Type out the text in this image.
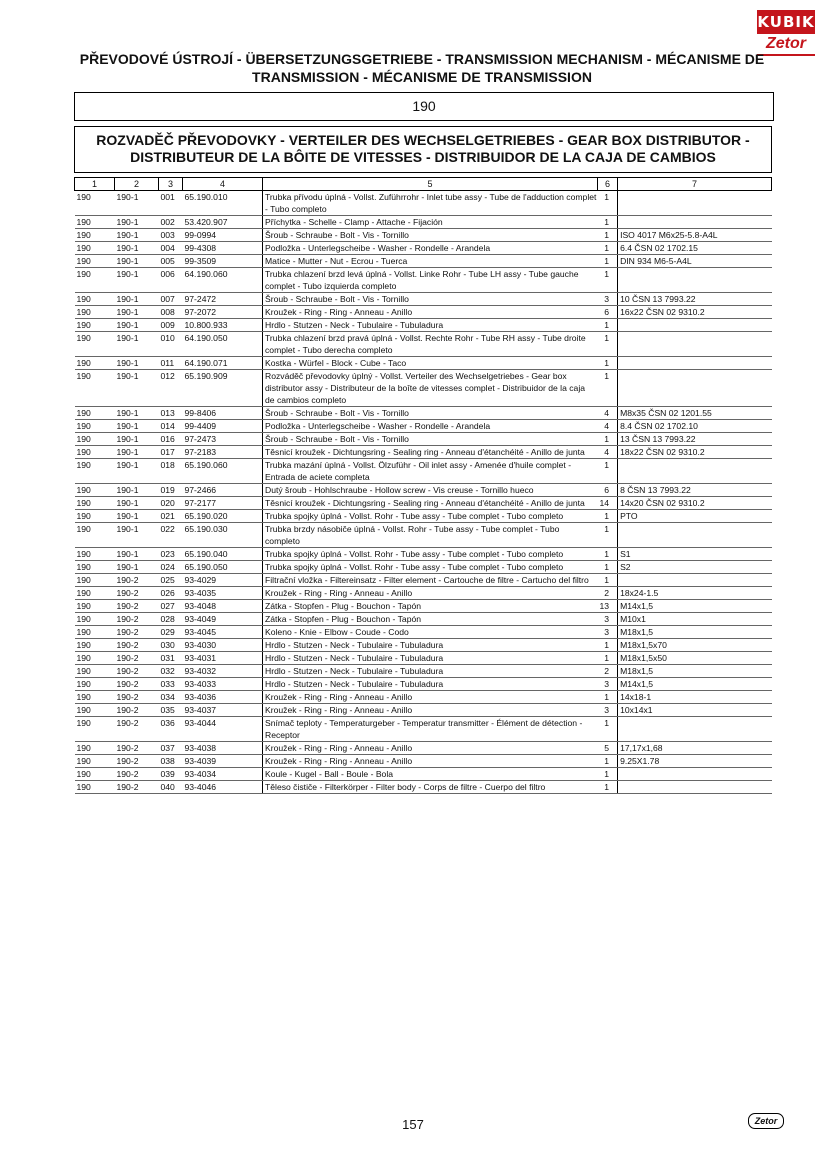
KUBIK
Zetor
PŘEVODOVÉ ÚSTROJÍ - ÜBERSETZUNGSGETRIEBE - TRANSMISSION MECHANISM - MÉCANISME DE
TRANSMISSION - MÉCANISME DE TRANSMISSION
190
ROZVADĚČ PŘEVODOVKY - VERTEILER DES WECHSELGETRIEBES - GEAR BOX DISTRIBUTOR -
DISTRIBUTEUR DE LA BÔITE DE VITESSES - DISTRIBUIDOR DE LA CAJA DE CAMBIOS
1	2	3	4	5	6	7
190	190-1	001	65.190.010	Trubka přívodu úplná - Vollst. Zuführrohr - Inlet tube assy - Tube de l'adduction complet - Tubo completo	1	
190	190-1	002	53.420.907	Příchytka - Schelle - Clamp - Attache - Fijación	1	
190	190-1	003	99-0994	Šroub - Schraube - Bolt - Vis - Tornillo	1	ISO 4017 M6x25-5.8-A4L
190	190-1	004	99-4308	Podložka - Unterlegscheibe - Washer - Rondelle - Arandela	1	6.4 ČSN 02 1702.15
190	190-1	005	99-3509	Matice - Mutter - Nut - Ecrou - Tuerca	1	DIN 934 M6-5-A4L
190	190-1	006	64.190.060	Trubka chlazení brzd levá úplná - Vollst. Linke Rohr - Tube LH assy - Tube gauche complet - Tubo izquierda completo	1	
190	190-1	007	97-2472	Šroub - Schraube - Bolt - Vis - Tornillo	3	10 ČSN 13 7993.22
190	190-1	008	97-2072	Kroužek - Ring - Ring - Anneau - Anillo	6	16x22 ČSN 02 9310.2
190	190-1	009	10.800.933	Hrdlo - Stutzen - Neck - Tubulaire - Tubuladura	1	
190	190-1	010	64.190.050	Trubka chlazení brzd pravá úplná - Vollst. Rechte Rohr - Tube RH assy - Tube droite complet - Tubo derecha completo	1	
190	190-1	011	64.190.071	Kostka - Würfel - Block - Cube - Taco	1	
190	190-1	012	65.190.909	Rozváděč převodovky úplný - Vollst. Verteiler des Wechselgetriebes - Gear box distributor assy - Distributeur de la boîte de vitesses complet - Distribuidor de la caja de cambios completo	1	
190	190-1	013	99-8406	Šroub - Schraube - Bolt - Vis - Tornillo	4	M8x35 ČSN 02 1201.55
190	190-1	014	99-4409	Podložka - Unterlegscheibe - Washer - Rondelle - Arandela	4	8.4 ČSN 02 1702.10
190	190-1	016	97-2473	Šroub - Schraube - Bolt - Vis - Tornillo	1	13 ČSN 13 7993.22
190	190-1	017	97-2183	Těsnicí kroužek - Dichtungsring - Sealing ring - Anneau d'étanchéité - Anillo de junta	4	18x22 ČSN 02 9310.2
190	190-1	018	65.190.060	Trubka mazání úplná - Vollst. Ölzuführ - Oil inlet assy - Amenée d'huile complet - Entrada de aciete completa	1	
190	190-1	019	97-2466	Dutý šroub - Hohlschraube - Hollow screw - Vis creuse - Tornillo hueco	6	8 ČSN 13 7993.22
190	190-1	020	97-2177	Těsnicí kroužek - Dichtungsring - Sealing ring - Anneau d'étanchéité - Anillo de junta	14	14x20 ČSN 02 9310.2
190	190-1	021	65.190.020	Trubka spojky úplná - Vollst. Rohr - Tube assy - Tube complet - Tubo completo	1	PTO
190	190-1	022	65.190.030	Trubka brzdy násobiče úplná - Vollst. Rohr - Tube assy - Tube complet - Tubo completo	1	
190	190-1	023	65.190.040	Trubka spojky úplná - Vollst. Rohr - Tube assy - Tube complet - Tubo completo	1	S1
190	190-1	024	65.190.050	Trubka spojky úplná - Vollst. Rohr - Tube assy - Tube complet - Tubo completo	1	S2
190	190-2	025	93-4029	Filtrační vložka - Filtereinsatz - Filter element - Cartouche de filtre - Cartucho del filtro	1	
190	190-2	026	93-4035	Kroužek - Ring - Ring - Anneau - Anillo	2	18x24-1.5
190	190-2	027	93-4048	Zátka - Stopfen - Plug - Bouchon - Tapón	13	M14x1,5
190	190-2	028	93-4049	Zátka - Stopfen - Plug - Bouchon - Tapón	3	M10x1
190	190-2	029	93-4045	Koleno - Knie - Elbow - Coude - Codo	3	M18x1,5
190	190-2	030	93-4030	Hrdlo - Stutzen - Neck - Tubulaire - Tubuladura	1	M18x1,5x70
190	190-2	031	93-4031	Hrdlo - Stutzen - Neck - Tubulaire - Tubuladura	1	M18x1,5x50
190	190-2	032	93-4032	Hrdlo - Stutzen - Neck - Tubulaire - Tubuladura	2	M18x1,5
190	190-2	033	93-4033	Hrdlo - Stutzen - Neck - Tubulaire - Tubuladura	3	M14x1,5
190	190-2	034	93-4036	Kroužek - Ring - Ring - Anneau - Anillo	1	14x18-1
190	190-2	035	93-4037	Kroužek - Ring - Ring - Anneau - Anillo	3	10x14x1
190	190-2	036	93-4044	Snímač teploty - Temperaturgeber - Temperatur transmitter - Élément de détection - Receptor	1	
190	190-2	037	93-4038	Kroužek - Ring - Ring - Anneau - Anillo	5	17,17x1,68
190	190-2	038	93-4039	Kroužek - Ring - Ring - Anneau - Anillo	1	9.25X1.78
190	190-2	039	93-4034	Koule - Kugel - Ball - Boule - Bola	1	
190	190-2	040	93-4046	Těleso čističe - Filterkörper - Filter body - Corps de filtre - Cuerpo del filtro	1	
157	Zetor
